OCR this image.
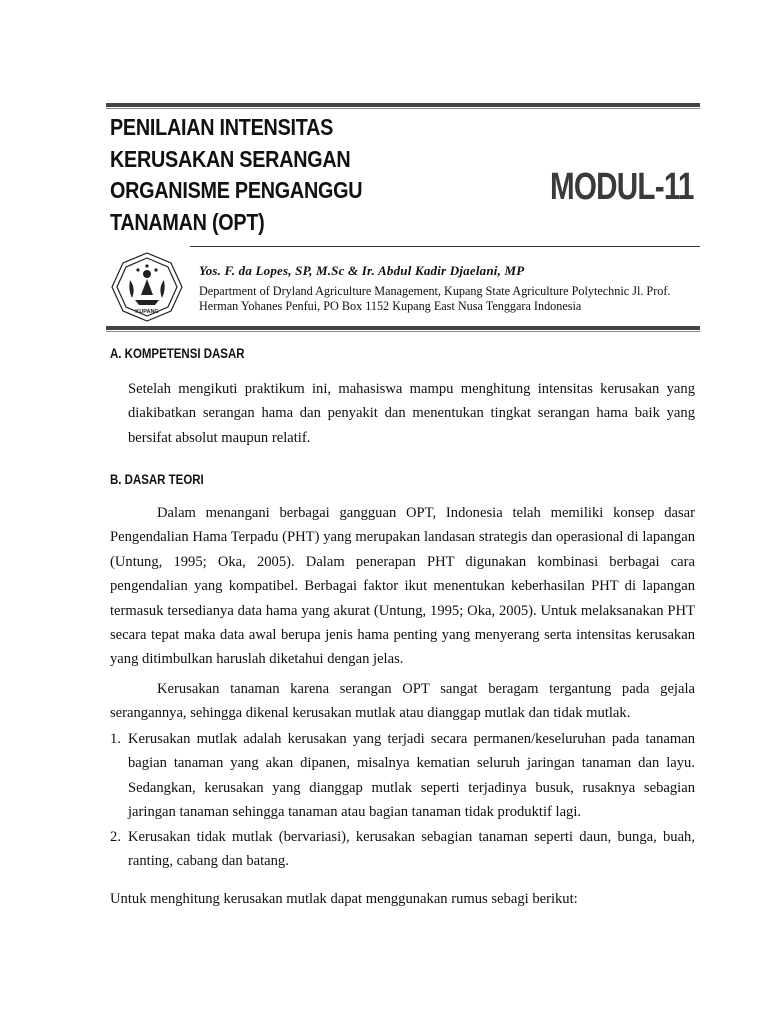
PENILAIAN INTENSITAS
KERUSAKAN SERANGAN
ORGANISME PENGANGGU
TANAMAN (OPT)
MODUL-11
KUPANG
Yos. F. da Lopes, SP, M.Sc & Ir. Abdul Kadir Djaelani, MP
Department of Dryland Agriculture Management, Kupang State Agriculture Polytechnic Jl. Prof.
Herman Yohanes Penfui, PO Box 1152 Kupang East Nusa Tenggara Indonesia
A. KOMPETENSI DASAR
Setelah mengikuti praktikum ini, mahasiswa mampu menghitung intensitas kerusakan yang diakibatkan serangan hama dan penyakit dan menentukan tingkat serangan hama baik yang bersifat absolut maupun relatif.
B. DASAR TEORI
Dalam menangani berbagai gangguan OPT, Indonesia telah memiliki konsep dasar Pengendalian Hama Terpadu (PHT) yang merupakan landasan strategis dan operasional di lapangan (Untung, 1995; Oka, 2005). Dalam penerapan PHT digunakan kombinasi berbagai cara pengendalian yang kompatibel. Berbagai faktor ikut menentukan keberhasilan PHT di lapangan termasuk tersedianya data hama yang akurat (Untung, 1995; Oka, 2005). Untuk melaksanakan PHT secara tepat maka data awal berupa jenis hama penting yang menyerang serta intensitas kerusakan yang ditimbulkan haruslah diketahui dengan jelas.
Kerusakan tanaman karena serangan OPT sangat beragam tergantung pada gejala serangannya, sehingga dikenal kerusakan mutlak atau dianggap mutlak dan tidak mutlak.
1. Kerusakan mutlak adalah kerusakan yang terjadi secara permanen/keseluruhan pada tanaman bagian tanaman yang akan dipanen, misalnya kematian seluruh jaringan tanaman dan layu. Sedangkan, kerusakan yang dianggap mutlak seperti terjadinya busuk, rusaknya sebagian jaringan tanaman sehingga tanaman atau bagian tanaman tidak produktif lagi.
2. Kerusakan tidak mutlak (bervariasi), kerusakan sebagian tanaman seperti daun, bunga, buah, ranting, cabang dan batang.
Untuk menghitung kerusakan mutlak dapat menggunakan rumus sebagi berikut:
